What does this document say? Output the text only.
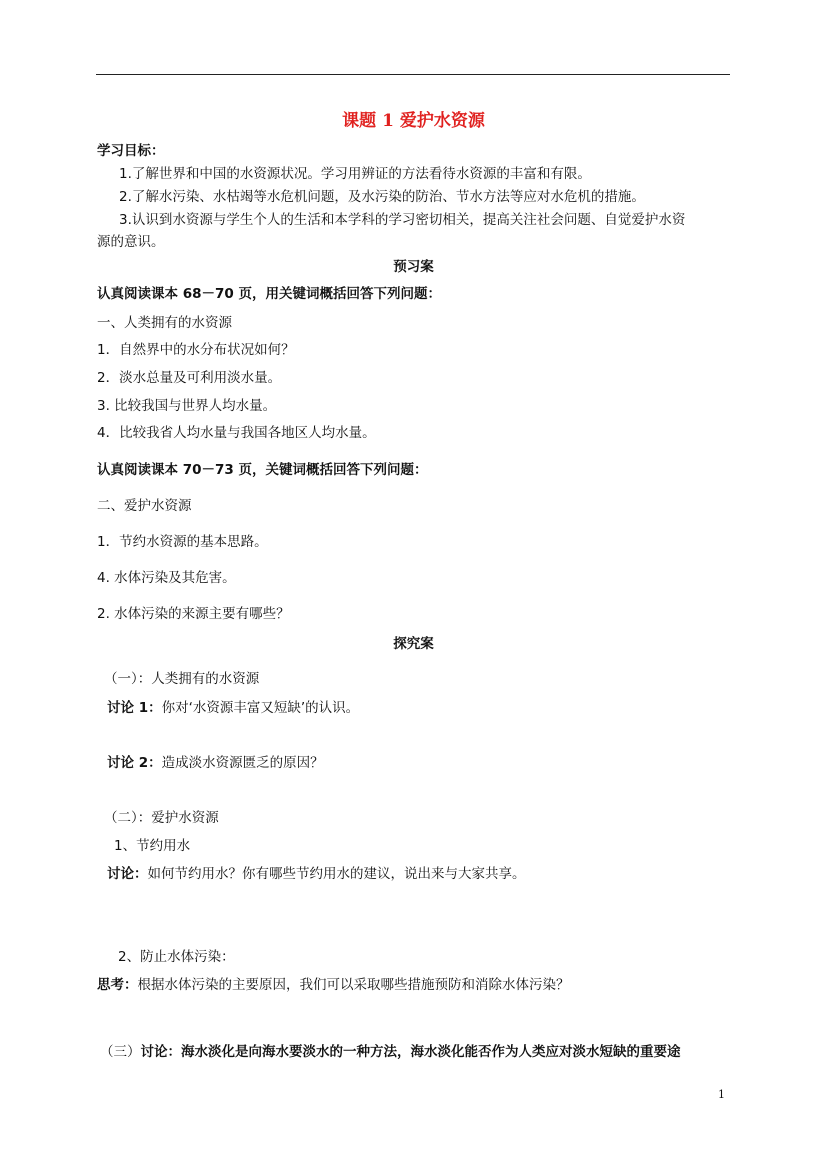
课题 1 爱护水资源
学习目标：
1.了解世界和中国的水资源状况。学习用辨证的方法看待水资源的丰富和有限。
2.了解水污染、水枯竭等水危机问题，及水污染的防治、节水方法等应对水危机的措施。
3.认识到水资源与学生个人的生活和本学科的学习密切相关，提高关注社会问题、自觉爱护水资
源的意识。
预习案
认真阅读课本 68－70 页，用关键词概括回答下列问题：
一、人类拥有的水资源
1．自然界中的水分布状况如何？
2．淡水总量及可利用淡水量。
3. 比较我国与世界人均水量。
4．比较我省人均水量与我国各地区人均水量。
认真阅读课本 70－73 页，关键词概括回答下列问题：
二、爱护水资源
1．节约水资源的基本思路。
4. 水体污染及其危害。
2. 水体污染的来源主要有哪些？
探究案
（一）：人类拥有的水资源
讨论 1：你对‘水资源丰富又短缺’的认识。
讨论 2：造成淡水资源匮乏的原因？
（二）：爱护水资源
1、节约用水
讨论：如何节约用水？你有哪些节约用水的建议，说出来与大家共享。
2、防止水体污染：
思考：根据水体污染的主要原因，我们可以采取哪些措施预防和消除水体污染？
（三）讨论：海水淡化是向海水要淡水的一种方法，海水淡化能否作为人类应对淡水短缺的重要途
1
